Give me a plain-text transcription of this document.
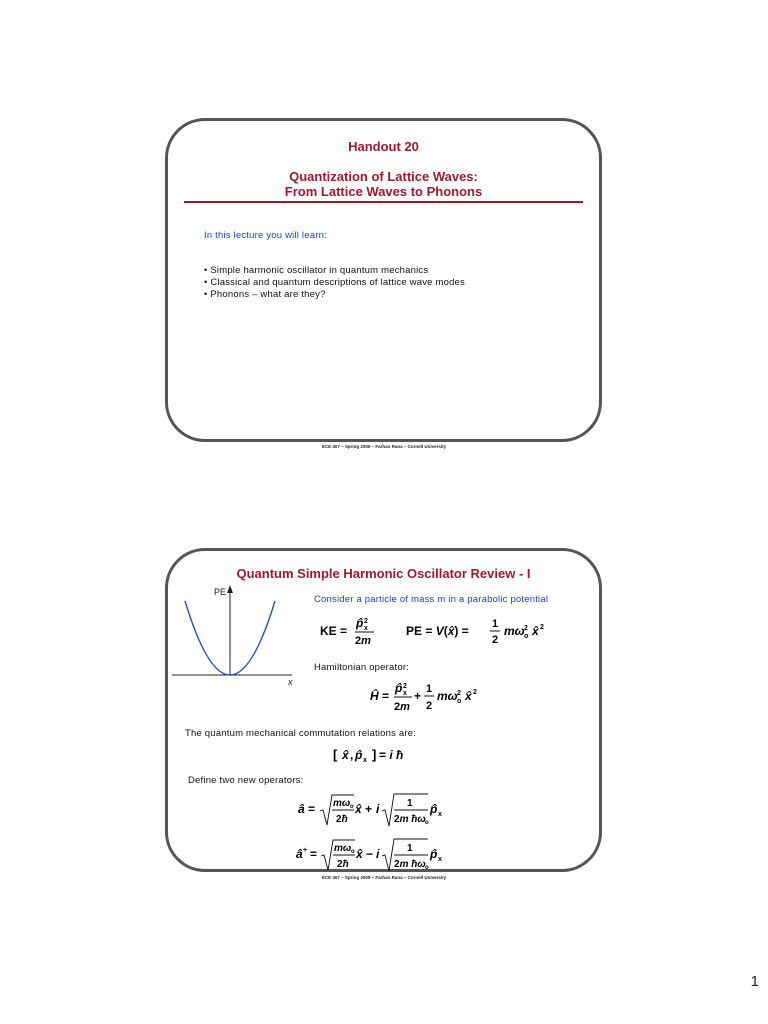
Handout 20
Quantization of Lattice Waves:
From Lattice Waves to Phonons
In this lecture you will learn:
• Simple harmonic oscillator in quantum mechanics
• Classical and quantum descriptions of lattice wave modes
• Phonons – what are they?
ECE 407 – Spring 2009 – Farhan Rana – Cornell University
Quantum Simple Harmonic Oscillator Review - I
PE
x
Consider a particle of mass m in a parabolic potential
KE =
p̂ 2
x
2m
PE = V(x̂) = 1
2
mω 2
o x̂ 2
Hamiltonian operator:
Ĥ =
p̂ 2
x
2m
+ 1
2
mω 2
o x̂ 2
The quantum mechanical commutation relations are:
[ x̂ , p̂ x ] = i ħ
Define two new operators:
â = mω o
2ħ
x̂ + i	1
2m ħω o
p̂ x
â + = mω o
2ħ
x̂ − i	1
2m ħω o
p̂ x
ECE 407 – Spring 2009 – Farhan Rana – Cornell University
1
